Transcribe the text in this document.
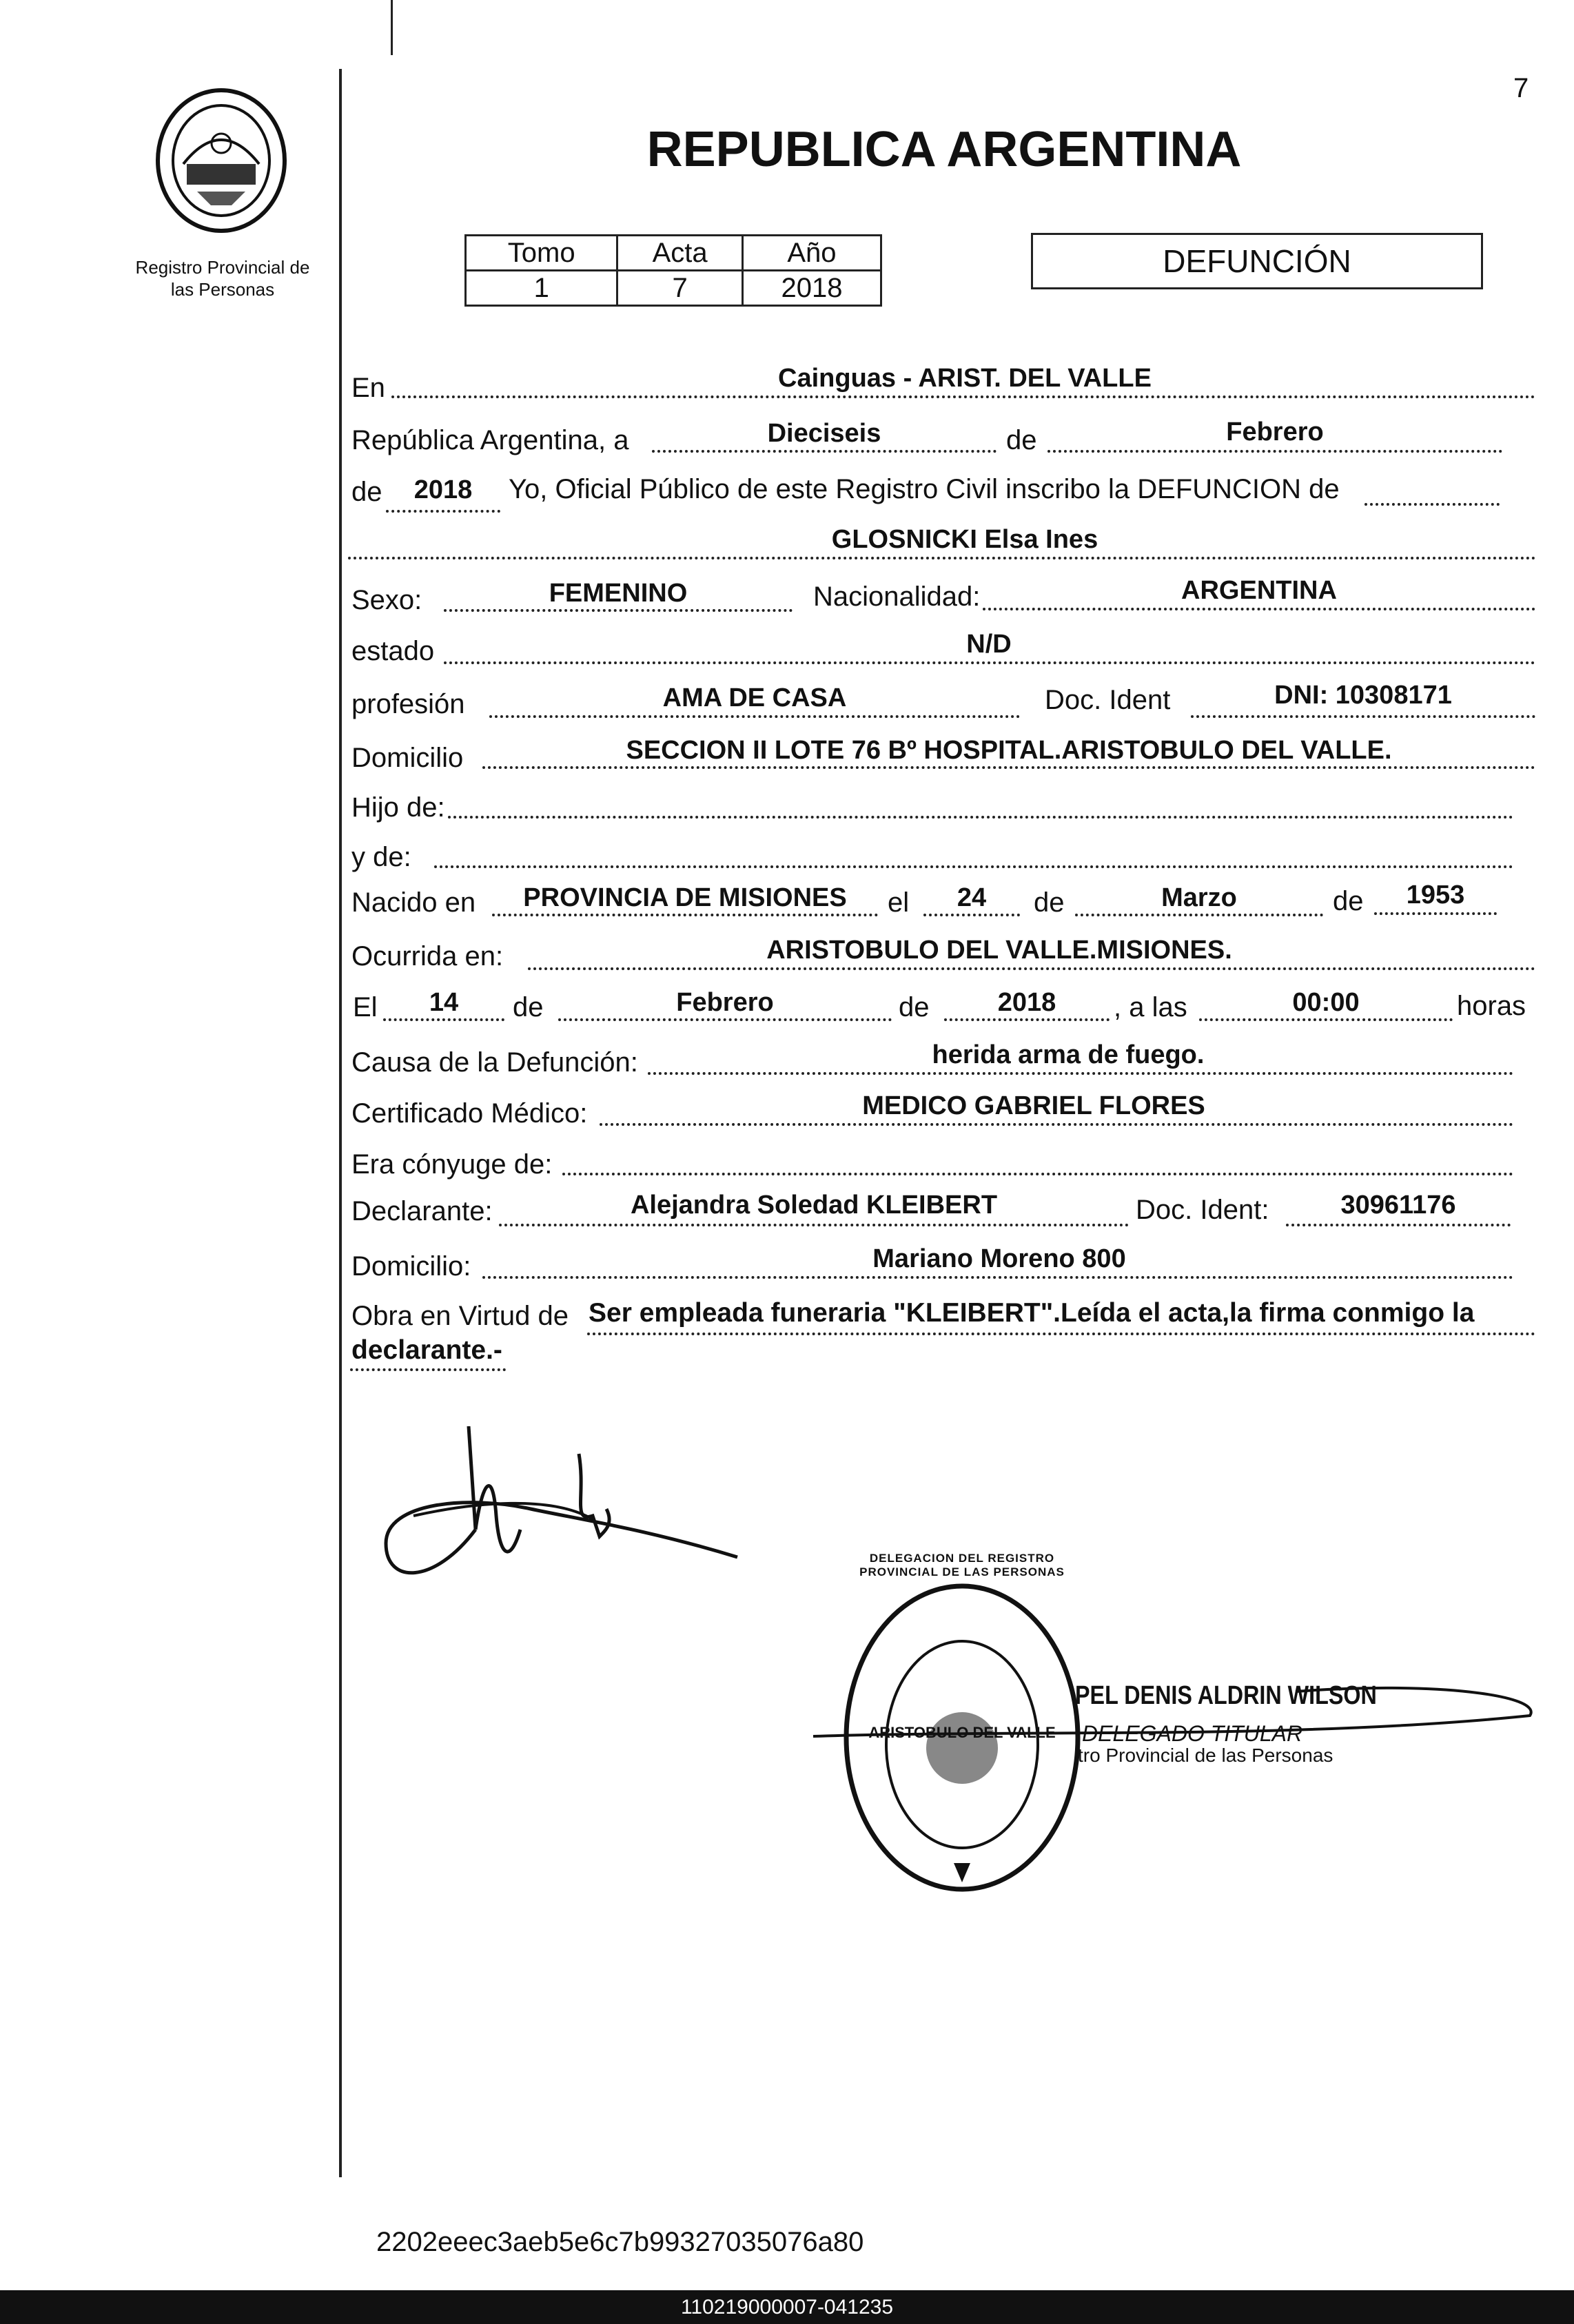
7
Registro Provincial de
las Personas
REPUBLICA ARGENTINA
Tomo	Acta	Año
1	7	2018
DEFUNCIÓN
En	Cainguas - ARIST. DEL VALLE
República Argentina, a	Dieciseis	de	Febrero
de	2018	Yo, Oficial Público de este Registro Civil inscribo la DEFUNCION de
GLOSNICKI Elsa Ines
Sexo:	FEMENINO	Nacionalidad:	ARGENTINA
estado	N/D
profesión	AMA DE CASA	Doc. Ident	DNI: 10308171
Domicilio	SECCION II LOTE 76 Bº HOSPITAL.ARISTOBULO DEL VALLE.
Hijo de:
y de:
Nacido en	PROVINCIA DE MISIONES	el	24	de	Marzo	de	1953
Ocurrida en:	ARISTOBULO DEL VALLE.MISIONES.
El	14	de	Febrero	de	2018	, a las	00:00	horas
Causa de la Defunción:	herida arma de fuego.
Certificado Médico:	MEDICO GABRIEL FLORES
Era cónyuge de:
Declarante:	Alejandra Soledad KLEIBERT	Doc. Ident:	30961176
Domicilio:	Mariano Moreno 800
Obra en Virtud de Ser empleada funeraria "KLEIBERT".Leída el acta,la firma conmigo la
declarante.-
ARISTOBULO DEL VALLE
DELEGACION DEL REGISTRO PROVINCIAL DE LAS PERSONAS
PEL DENIS ALDRIN WILSON
DELEGADO TITULAR
tro Provincial de las Personas
2202eeec3aeb5e6c7b99327035076a80
110219000007-041235
